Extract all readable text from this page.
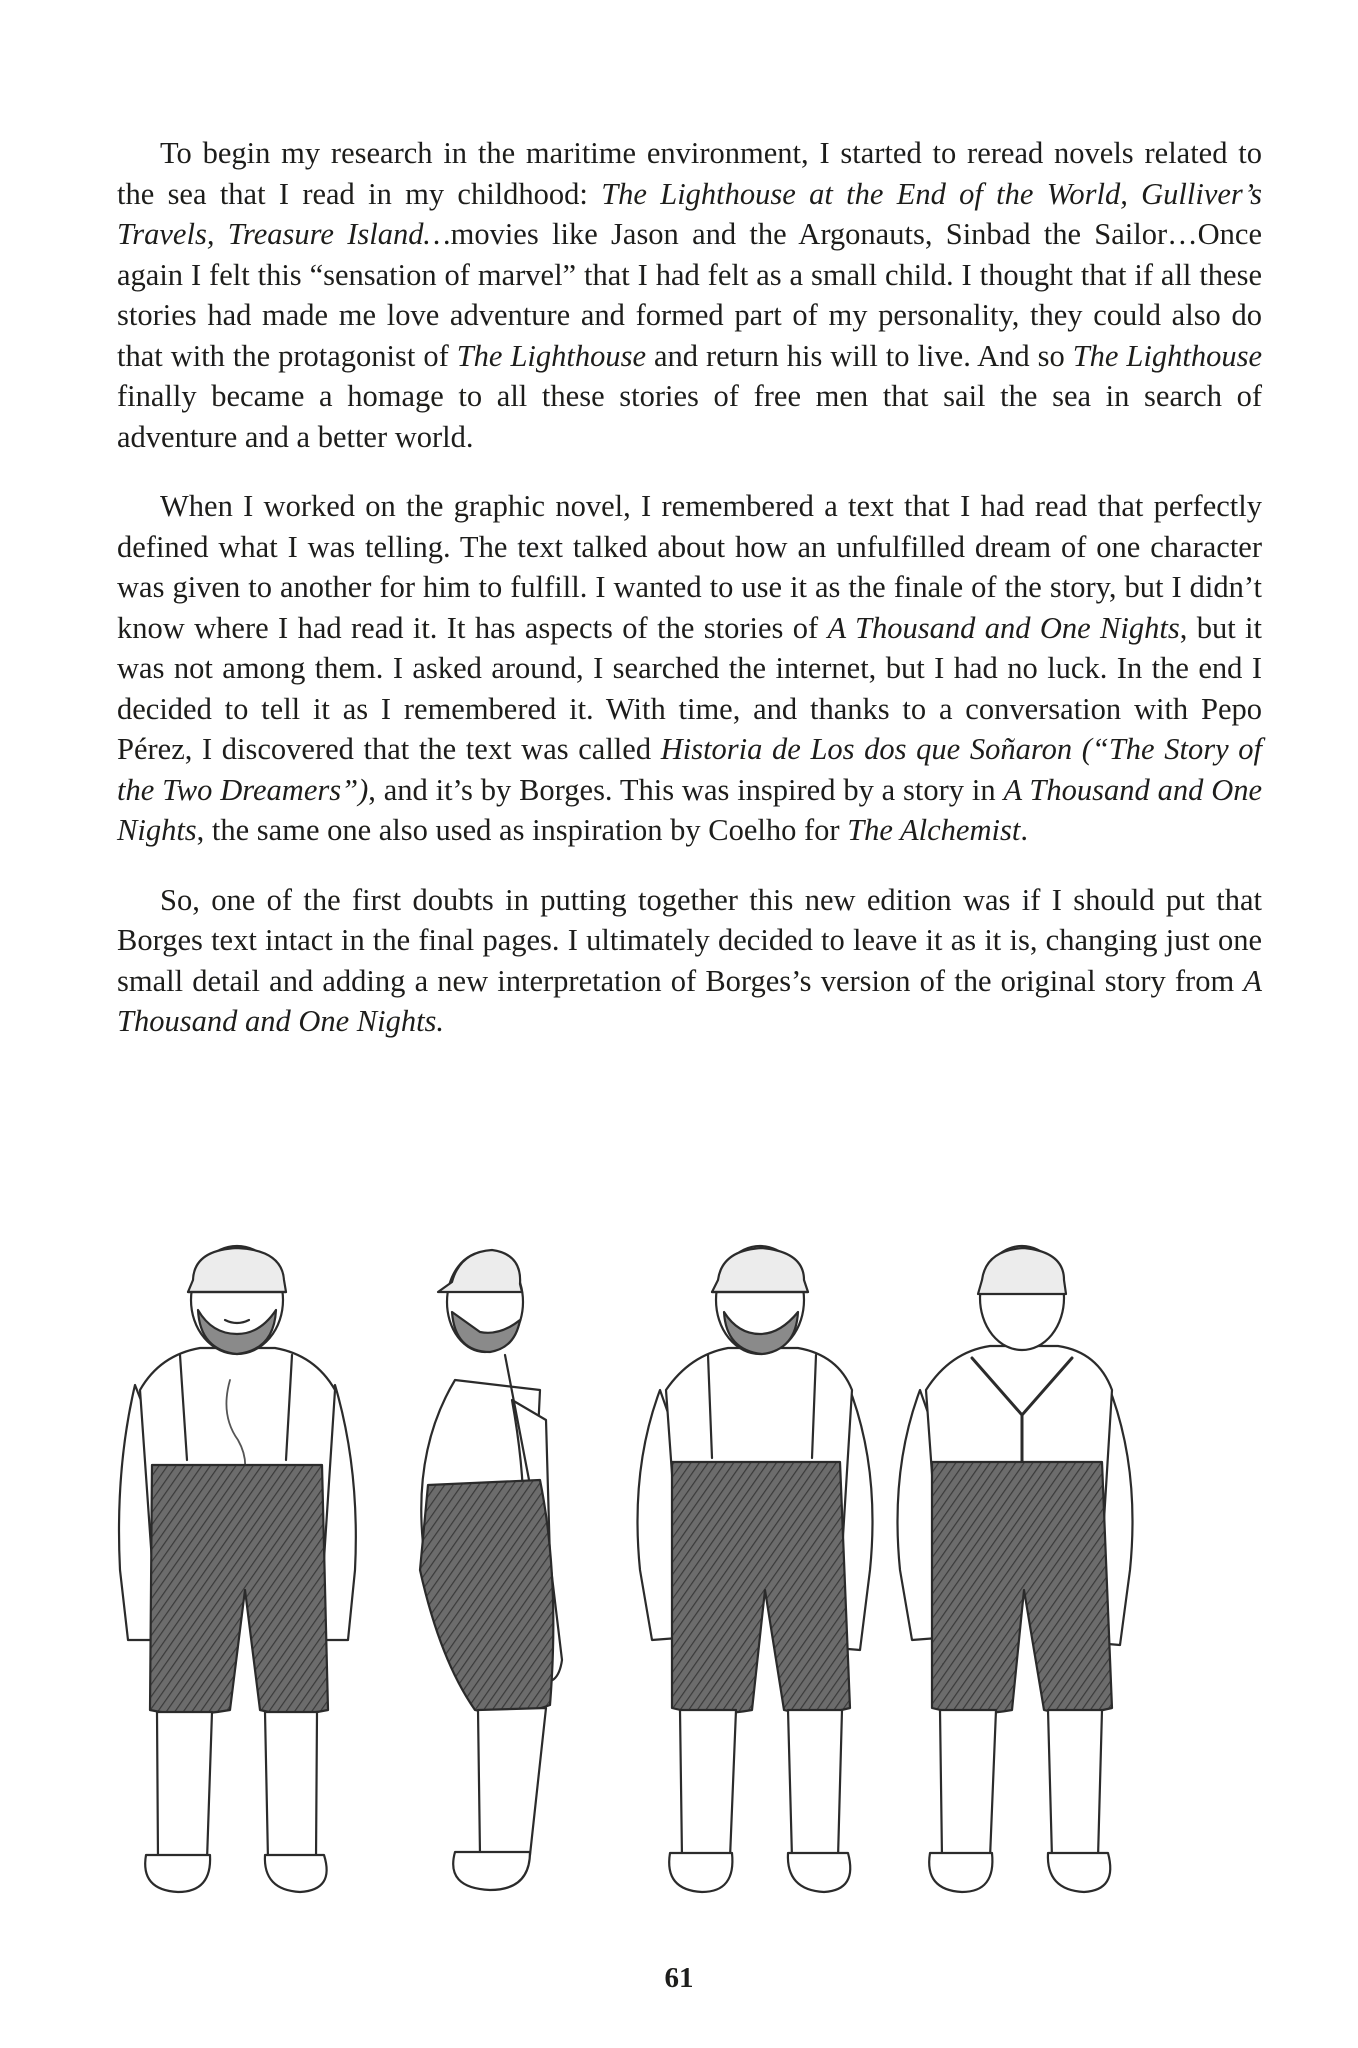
To begin my research in the maritime environment, I started to reread novels related to the sea that I read in my childhood: The Lighthouse at the End of the World, Gulliver’s Travels, Treasure Island…movies like Jason and the Argonauts, Sinbad the Sailor…Once again I felt this “sensation of marvel” that I had felt as a small child. I thought that if all these stories had made me love adventure and formed part of my personality, they could also do that with the protagonist of The Lighthouse and return his will to live. And so The Lighthouse finally became a homage to all these stories of free men that sail the sea in search of adventure and a better world.

When I worked on the graphic novel, I remembered a text that I had read that perfectly defined what I was telling. The text talked about how an unfulfilled dream of one character was given to another for him to fulfill. I wanted to use it as the finale of the story, but I didn’t know where I had read it. It has aspects of the stories of A Thousand and One Nights, but it was not among them. I asked around, I searched the internet, but I had no luck. In the end I decided to tell it as I remembered it. With time, and thanks to a conversation with Pepo Pérez, I discovered that the text was called Historia de Los dos que Soñaron (“The Story of the Two Dreamers”), and it’s by Borges. This was inspired by a story in A Thousand and One Nights, the same one also used as inspiration by Coelho for The Alchemist.

So, one of the first doubts in putting together this new edition was if I should put that Borges text intact in the final pages. I ultimately decided to leave it as it is, changing just one small detail and adding a new interpretation of Borges’s version of the original story from A Thousand and One Nights.

61
